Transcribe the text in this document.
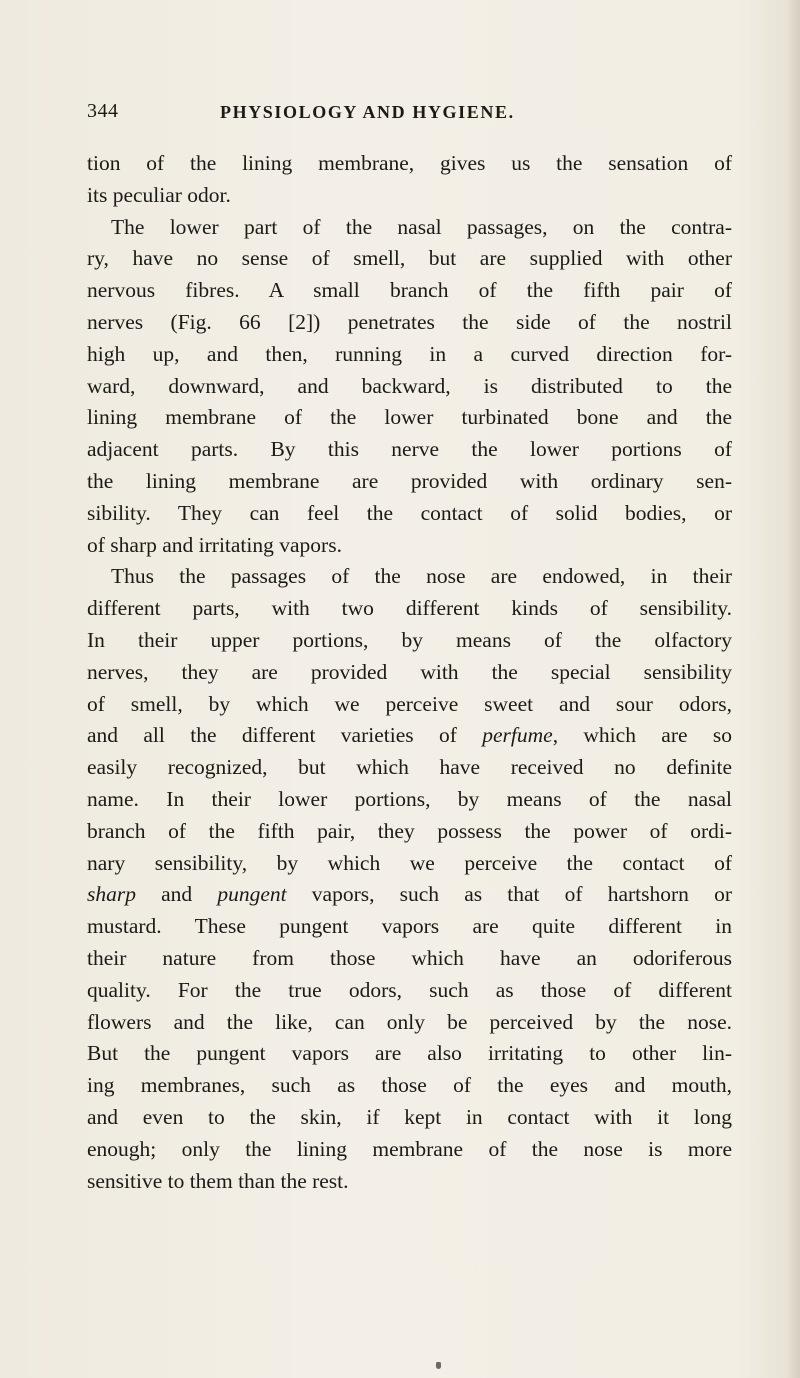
344	PHYSIOLOGY AND HYGIENE.
tion of the lining membrane, gives us the sensation of
its peculiar odor.
The lower part of the nasal passages, on the contra-
ry, have no sense of smell, but are supplied with other
nervous fibres. A small branch of the fifth pair of
nerves (Fig. 66 [2]) penetrates the side of the nostril
high up, and then, running in a curved direction for-
ward, downward, and backward, is distributed to the
lining membrane of the lower turbinated bone and the
adjacent parts. By this nerve the lower portions of
the lining membrane are provided with ordinary sen-
sibility. They can feel the contact of solid bodies, or
of sharp and irritating vapors.
Thus the passages of the nose are endowed, in their
different parts, with two different kinds of sensibility.
In their upper portions, by means of the olfactory
nerves, they are provided with the special sensibility
of smell, by which we perceive sweet and sour odors,
and all the different varieties of perfume, which are so
easily recognized, but which have received no definite
name. In their lower portions, by means of the nasal
branch of the fifth pair, they possess the power of ordi-
nary sensibility, by which we perceive the contact of
sharp and pungent vapors, such as that of hartshorn or
mustard. These pungent vapors are quite different in
their nature from those which have an odoriferous
quality. For the true odors, such as those of different
flowers and the like, can only be perceived by the nose.
But the pungent vapors are also irritating to other lin-
ing membranes, such as those of the eyes and mouth,
and even to the skin, if kept in contact with it long
enough; only the lining membrane of the nose is more
sensitive to them than the rest.
